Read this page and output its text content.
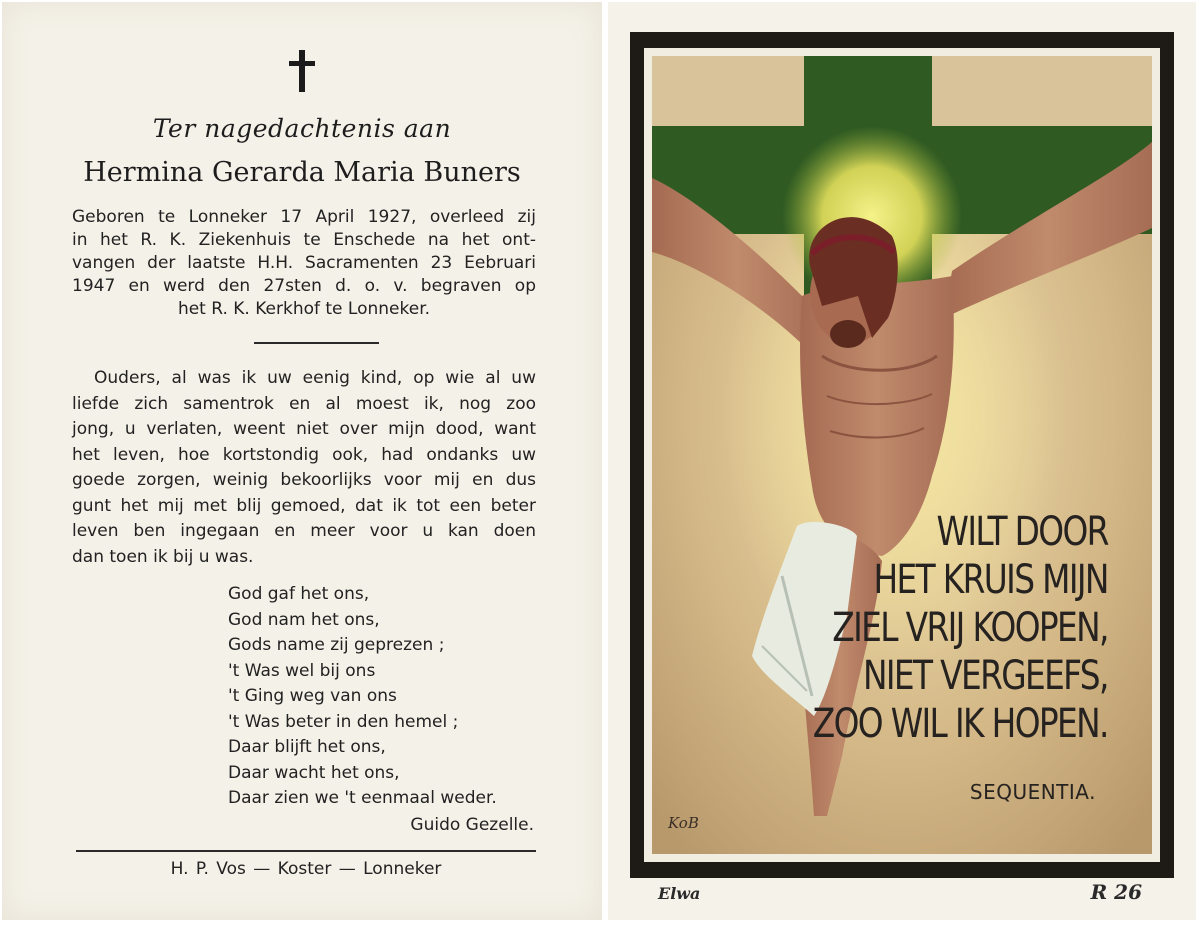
Ter nagedachtenis aan
Hermina Gerarda Maria Buners
Geboren te Lonneker 17 April 1927, overleed zij
in het R. K. Ziekenhuis te Enschede na het ont-
vangen der laatste H.H. Sacramenten 23 Eebruari
1947 en werd den 27sten d. o. v. begraven op
het R. K. Kerkhof te Lonneker.
Ouders, al was ik uw eenig kind, op wie al uw
liefde zich samentrok en al moest ik, nog zoo
jong, u verlaten, weent niet over mijn dood, want
het leven, hoe kortstondig ook, had ondanks uw
goede zorgen, weinig bekoorlijks voor mij en dus
gunt het mij met blij gemoed, dat ik tot een beter
leven ben ingegaan en meer voor u kan doen
dan toen ik bij u was.
God gaf het ons,
God nam het ons,
Gods name zij geprezen ;
't Was wel bij ons
't Ging weg van ons
't Was beter in den hemel ;
Daar blijft het ons,
Daar wacht het ons,
Daar zien we 't eenmaal weder.
Guido Gezelle.
H. P. Vos — Koster — Lonneker
WILT DOOR
HET KRUIS MIJN
ZIEL VRIJ KOOPEN,
NIET VERGEEFS,
ZOO WIL IK HOPEN.
SEQUENTIA.
KoB
Elwa	R 26
